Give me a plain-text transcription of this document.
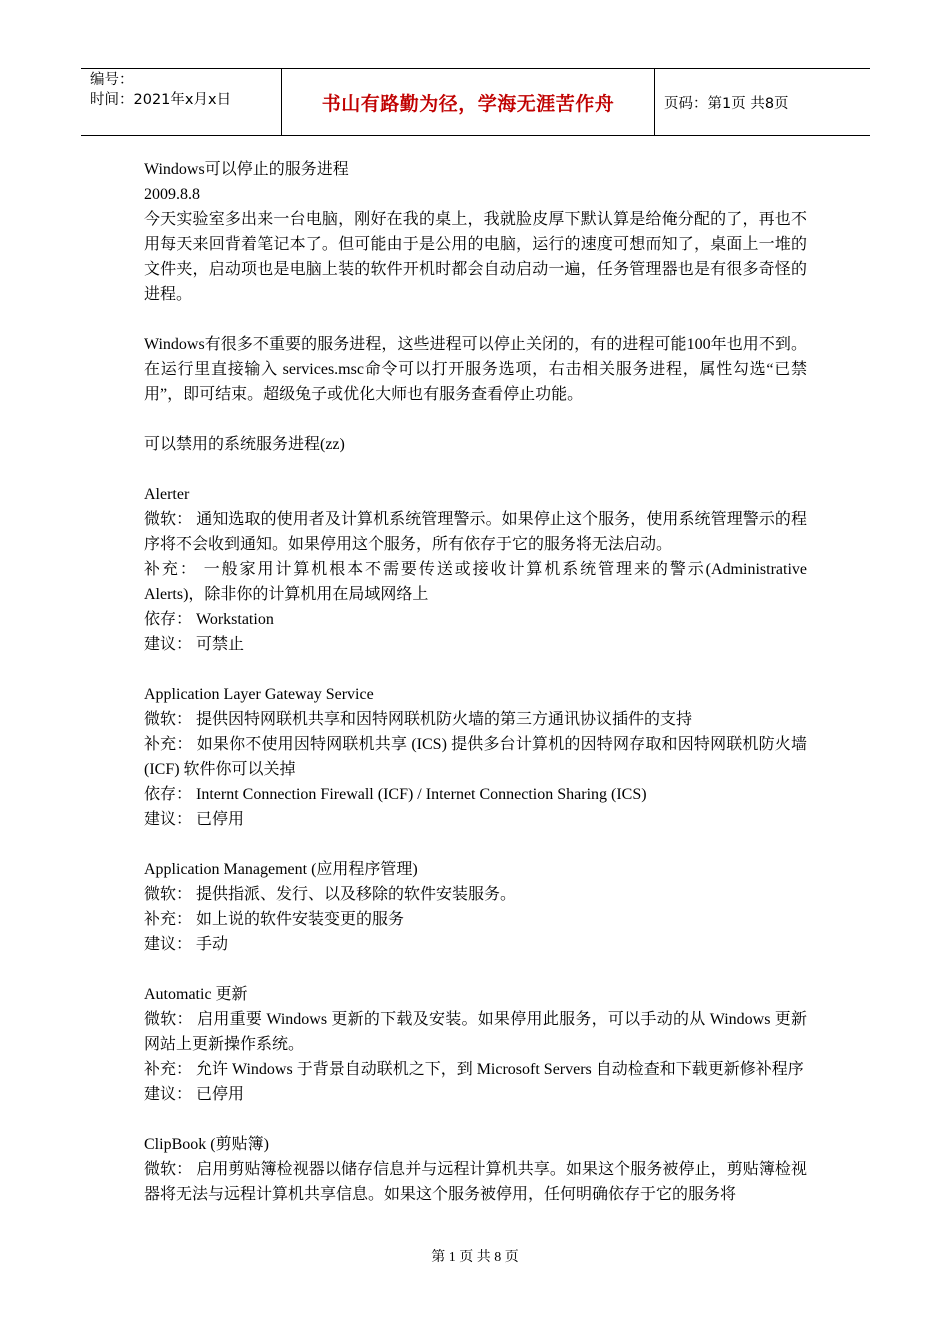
编号：
时间：2021年x月x日	书山有路勤为径，学海无涯苦作舟	页码：第1页 共8页

Windows可以停止的服务进程

2009.8.8

今天实验室多出来一台电脑，刚好在我的桌上，我就脸皮厚下默认算是给俺分配的了，再也不用每天来回背着笔记本了。但可能由于是公用的电脑，运行的速度可想而知了，桌面上一堆的文件夹，启动项也是电脑上装的软件开机时都会自动启动一遍，任务管理器也是有很多奇怪的进程。

Windows有很多不重要的服务进程，这些进程可以停止关闭的，有的进程可能100年也用不到。在运行里直接输入 services.msc命令可以打开服务选项，右击相关服务进程，属性勾选“已禁用”，即可结束。超级兔子或优化大师也有服务查看停止功能。

可以禁用的系统服务进程(zz)

Alerter

微软： 通知选取的使用者及计算机系统管理警示。如果停止这个服务，使用系统管理警示的程序将不会收到通知。如果停用这个服务，所有依存于它的服务将无法启动。

补充： 一般家用计算机根本不需要传送或接收计算机系统管理来的警示(Administrative Alerts)，除非你的计算机用在局域网络上

依存： Workstation

建议： 可禁止

Application Layer Gateway Service

微软： 提供因特网联机共享和因特网联机防火墙的第三方通讯协议插件的支持

补充： 如果你不使用因特网联机共享 (ICS) 提供多台计算机的因特网存取和因特网联机防火墙 (ICF) 软件你可以关掉

依存： Internt Connection Firewall (ICF) / Internet Connection Sharing (ICS)

建议： 已停用

Application Management (应用程序管理)

微软： 提供指派、发行、以及移除的软件安装服务。

补充： 如上说的软件安装变更的服务

建议： 手动

Automatic 更新

微软： 启用重要 Windows 更新的下载及安装。如果停用此服务，可以手动的从 Windows 更新 网站上更新操作系统。

补充： 允许 Windows 于背景自动联机之下，到 Microsoft Servers 自动检查和下载更新修补程序

建议： 已停用

ClipBook (剪贴簿)

微软： 启用剪贴簿检视器以储存信息并与远程计算机共享。如果这个服务被停止，剪贴簿检视器将无法与远程计算机共享信息。如果这个服务被停用，任何明确依存于它的服务将

第 1 页 共 8 页
